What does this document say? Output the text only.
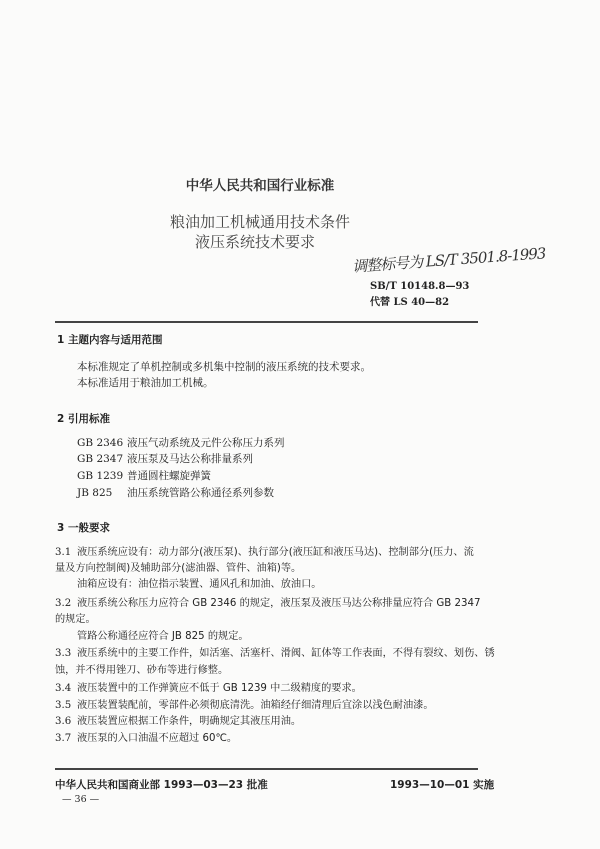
中华人民共和国行业标准
粮油加工机械通用技术条件
液压系统技术要求
调整标号为 LS/T 3501.8-1993
SB/T 10148.8—93
代替 LS 40—82
1 主题内容与适用范围
本标准规定了单机控制或多机集中控制的液压系统的技术要求。
本标准适用于粮油加工机械。
2 引用标准
GB 2346 液压气动系统及元件公称压力系列
GB 2347 液压泵及马达公称排量系列
GB 1239 普通圆柱螺旋弹簧
JB 825 油压系统管路公称通径系列参数
3 一般要求
3.1 液压系统应设有：动力部分(液压泵)、执行部分(液压缸和液压马达)、控制部分(压力、流
量及方向控制阀)及辅助部分(滤油器、管件、油箱)等。
油箱应设有：油位指示装置、通风孔和加油、放油口。
3.2 液压系统公称压力应符合 GB 2346 的规定，液压泵及液压马达公称排量应符合 GB 2347
的规定。
管路公称通径应符合 JB 825 的规定。
3.3 液压系统中的主要工作件，如活塞、活塞杆、滑阀、缸体等工作表面，不得有裂纹、划伤、锈
蚀，并不得用锉刀、砂布等进行修整。
3.4 液压装置中的工作弹簧应不低于 GB 1239 中二级精度的要求。
3.5 液压装置装配前，零部件必须彻底清洗。油箱经仔细清理后宜涂以浅色耐油漆。
3.6 液压装置应根据工作条件，明确规定其液压用油。
3.7 液压泵的入口油温不应超过 60℃。
中华人民共和国商业部 1993—03—23 批准	1993—10—01 实施
— 36 —
